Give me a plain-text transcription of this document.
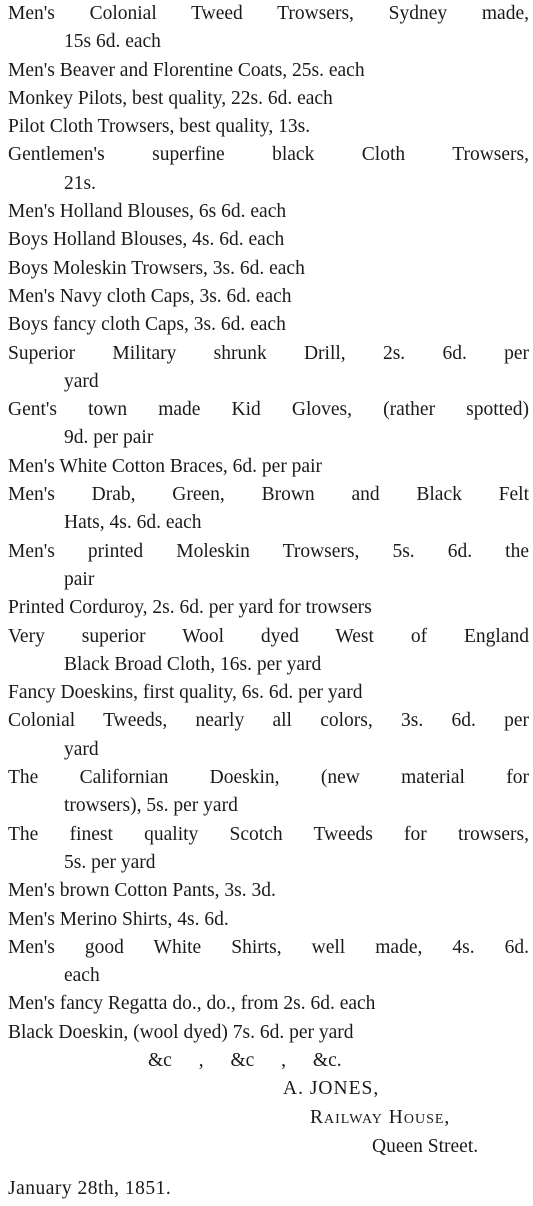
Men's Colonial Tweed Trowsers, Sydney made,
15s 6d. each
Men's Beaver and Florentine Coats, 25s. each
Monkey Pilots, best quality, 22s. 6d. each
Pilot Cloth Trowsers, best quality, 13s.
Gentlemen's superfine black Cloth Trowsers,
21s.
Men's Holland Blouses, 6s 6d. each
Boys Holland Blouses, 4s. 6d. each
Boys Moleskin Trowsers, 3s. 6d. each
Men's Navy cloth Caps, 3s. 6d. each
Boys fancy cloth Caps, 3s. 6d. each
Superior Military shrunk Drill, 2s. 6d. per
yard
Gent's town made Kid Gloves, (rather spotted)
9d. per pair
Men's White Cotton Braces, 6d. per pair
Men's Drab, Green, Brown and Black Felt
Hats, 4s. 6d. each
Men's printed Moleskin Trowsers, 5s. 6d. the
pair
Printed Corduroy, 2s. 6d. per yard for trowsers
Very superior Wool dyed West of England
Black Broad Cloth, 16s. per yard
Fancy Doeskins, first quality, 6s. 6d. per yard
Colonial Tweeds, nearly all colors, 3s. 6d. per
yard
The Californian Doeskin, (new material for
trowsers), 5s. per yard
The finest quality Scotch Tweeds for trowsers,
5s. per yard
Men's brown Cotton Pants, 3s. 3d.
Men's Merino Shirts, 4s. 6d.
Men's good White Shirts, well made, 4s. 6d.
each
Men's fancy Regatta do., do., from 2s. 6d. each
Black Doeskin, (wool dyed) 7s. 6d. per yard
&c , &c , &c.
A. JONES,
Railway House,
Queen Street.
January 28th, 1851.
